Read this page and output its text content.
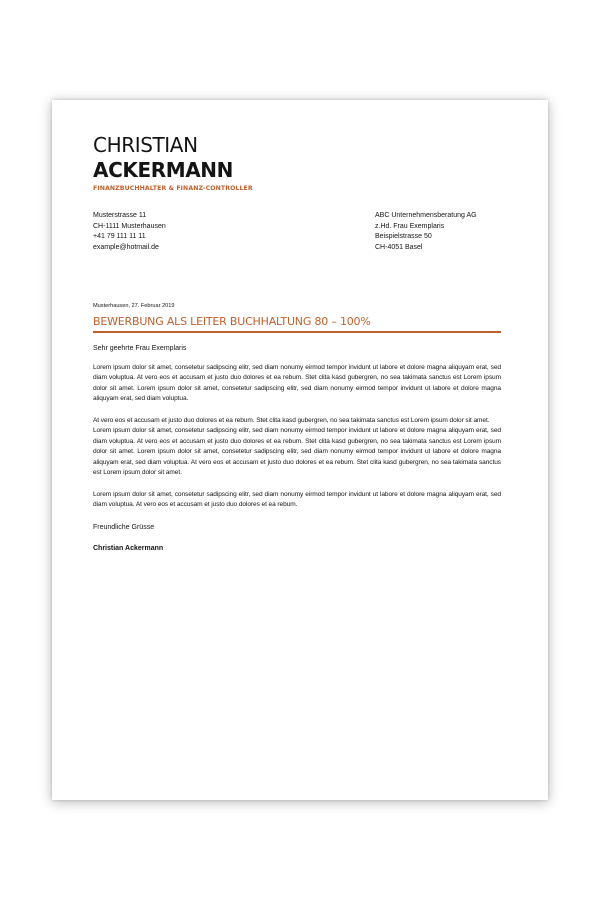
CHRISTIAN
ACKERMANN
FINANZBUCHHALTER & FINANZ-CONTROLLER
Musterstrasse 11
CH-1111 Musterhausen
+41 79 111 11 11
example@hotmail.de
ABC Unternehmensberatung AG
z.Hd. Frau Exemplaris
Beispielstrasse 50
CH-4051 Basel
Musterhausen, 27. Februar 2019
BEWERBUNG ALS LEITER BUCHHALTUNG 80 – 100%
Sehr geehrte Frau Exemplaris
Lorem ipsum dolor sit amet, consetetur sadipscing elitr, sed diam nonumy eirmod tempor invidunt ut labore et dolore magna aliquyam erat, sed diam voluptua. At vero eos et accusam et justo duo dolores et ea rebum. Stet clita kasd gubergren, no sea takimata sanctus est Lorem ipsum dolor sit amet. Lorem ipsum dolor sit amet, consetetur sadipscing elitr, sed diam nonumy eirmod tempor invidunt ut labore et dolore magna aliquyam erat, sed diam voluptua.
At vero eos et accusam et justo duo dolores et ea rebum. Stet clita kasd gubergren, no sea takimata sanctus est Lorem ipsum dolor sit amet.
Lorem ipsum dolor sit amet, consetetur sadipscing elitr, sed diam nonumy eirmod tempor invidunt ut labore et dolore magna aliquyam erat, sed diam voluptua. At vero eos et accusam et justo duo dolores et ea rebum. Stet clita kasd gubergren, no sea takimata sanctus est Lorem ipsum dolor sit amet. Lorem ipsum dolor sit amet, consetetur sadipscing elitr, sed diam nonumy eirmod tempor invidunt ut labore et dolore magna aliquyam erat, sed diam voluptua. At vero eos et accusam et justo duo dolores et ea rebum. Stet clita kasd gubergren, no sea takimata sanctus est Lorem ipsum dolor sit amet.
Lorem ipsum dolor sit amet, consetetur sadipscing elitr, sed diam nonumy eirmod tempor invidunt ut labore et dolore magna aliquyam erat, sed diam voluptua. At vero eos et accusam et justo duo dolores et ea rebum.
Freundliche Grüsse
Christian Ackermann
